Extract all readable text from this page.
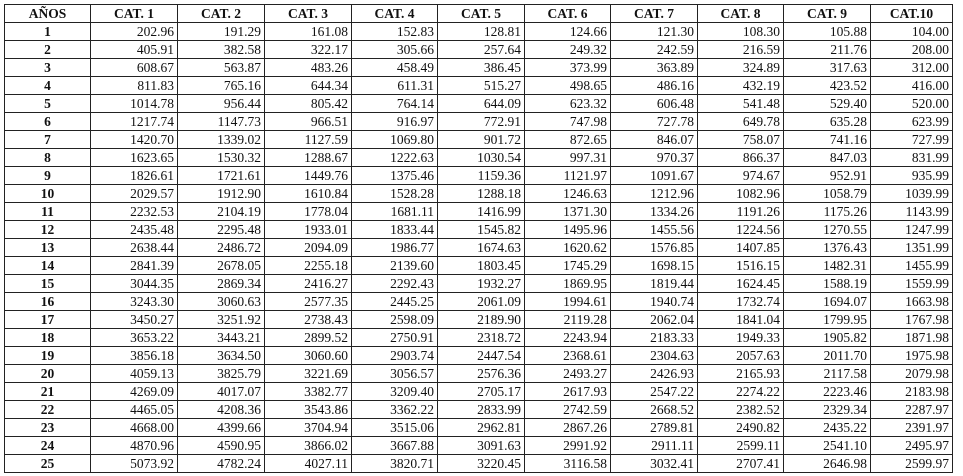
AÑOS	CAT. 1	CAT. 2	CAT. 3	CAT. 4	CAT. 5	CAT. 6	CAT. 7	CAT. 8	CAT. 9	CAT.10
1	202.96	191.29	161.08	152.83	128.81	124.66	121.30	108.30	105.88	104.00
2	405.91	382.58	322.17	305.66	257.64	249.32	242.59	216.59	211.76	208.00
3	608.67	563.87	483.26	458.49	386.45	373.99	363.89	324.89	317.63	312.00
4	811.83	765.16	644.34	611.31	515.27	498.65	486.16	432.19	423.52	416.00
5	1014.78	956.44	805.42	764.14	644.09	623.32	606.48	541.48	529.40	520.00
6	1217.74	1147.73	966.51	916.97	772.91	747.98	727.78	649.78	635.28	623.99
7	1420.70	1339.02	1127.59	1069.80	901.72	872.65	846.07	758.07	741.16	727.99
8	1623.65	1530.32	1288.67	1222.63	1030.54	997.31	970.37	866.37	847.03	831.99
9	1826.61	1721.61	1449.76	1375.46	1159.36	1121.97	1091.67	974.67	952.91	935.99
10	2029.57	1912.90	1610.84	1528.28	1288.18	1246.63	1212.96	1082.96	1058.79	1039.99
11	2232.53	2104.19	1778.04	1681.11	1416.99	1371.30	1334.26	1191.26	1175.26	1143.99
12	2435.48	2295.48	1933.01	1833.44	1545.82	1495.96	1455.56	1224.56	1270.55	1247.99
13	2638.44	2486.72	2094.09	1986.77	1674.63	1620.62	1576.85	1407.85	1376.43	1351.99
14	2841.39	2678.05	2255.18	2139.60	1803.45	1745.29	1698.15	1516.15	1482.31	1455.99
15	3044.35	2869.34	2416.27	2292.43	1932.27	1869.95	1819.44	1624.45	1588.19	1559.99
16	3243.30	3060.63	2577.35	2445.25	2061.09	1994.61	1940.74	1732.74	1694.07	1663.98
17	3450.27	3251.92	2738.43	2598.09	2189.90	2119.28	2062.04	1841.04	1799.95	1767.98
18	3653.22	3443.21	2899.52	2750.91	2318.72	2243.94	2183.33	1949.33	1905.82	1871.98
19	3856.18	3634.50	3060.60	2903.74	2447.54	2368.61	2304.63	2057.63	2011.70	1975.98
20	4059.13	3825.79	3221.69	3056.57	2576.36	2493.27	2426.93	2165.93	2117.58	2079.98
21	4269.09	4017.07	3382.77	3209.40	2705.17	2617.93	2547.22	2274.22	2223.46	2183.98
22	4465.05	4208.36	3543.86	3362.22	2833.99	2742.59	2668.52	2382.52	2329.34	2287.97
23	4668.00	4399.66	3704.94	3515.06	2962.81	2867.26	2789.81	2490.82	2435.22	2391.97
24	4870.96	4590.95	3866.02	3667.88	3091.63	2991.92	2911.11	2599.11	2541.10	2495.97
25	5073.92	4782.24	4027.11	3820.71	3220.45	3116.58	3032.41	2707.41	2646.98	2599.97
